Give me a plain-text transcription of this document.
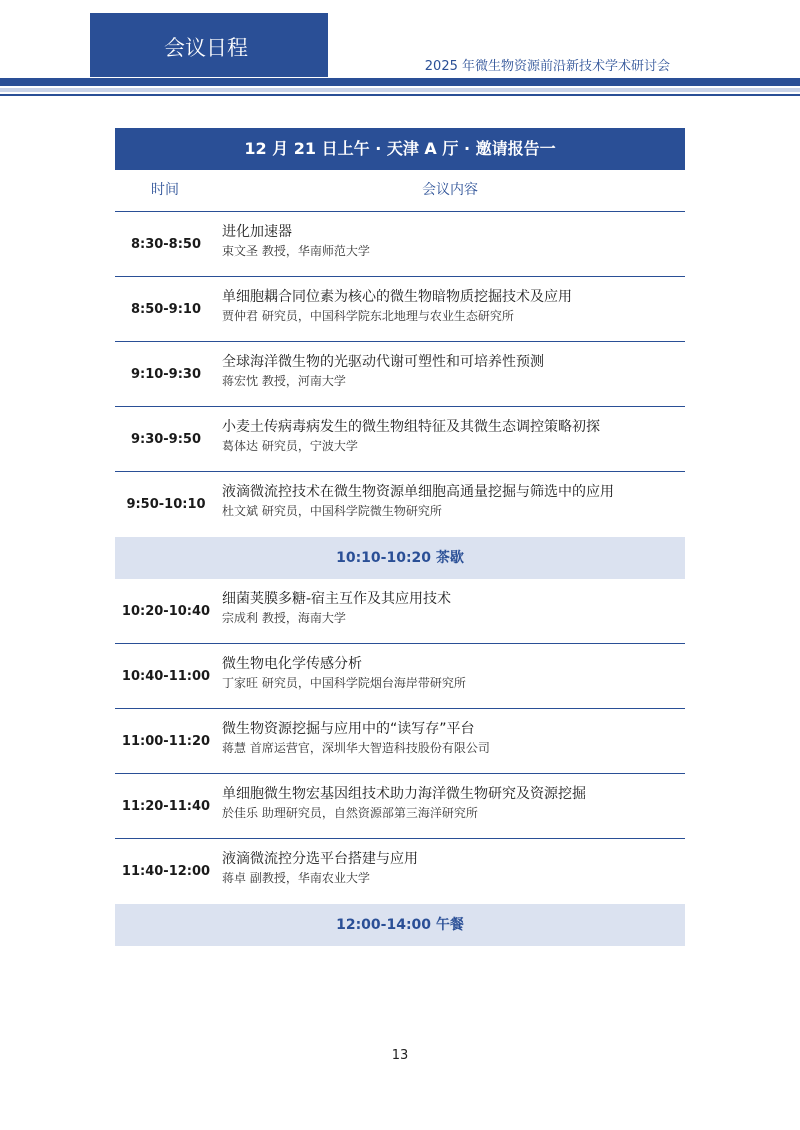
会议日程
2025 年微生物资源前沿新技术学术研讨会
12 月 21 日上午 · 天津 A 厅 · 邀请报告一
时间	会议内容
8:30-8:50
进化加速器
束文圣 教授，华南师范大学
8:50-9:10
单细胞耦合同位素为核心的微生物暗物质挖掘技术及应用
贾仲君 研究员，中国科学院东北地理与农业生态研究所
9:10-9:30
全球海洋微生物的光驱动代谢可塑性和可培养性预测
蒋宏忱 教授，河南大学
9:30-9:50
小麦土传病毒病发生的微生物组特征及其微生态调控策略初探
葛体达 研究员，宁波大学
9:50-10:10
液滴微流控技术在微生物资源单细胞高通量挖掘与筛选中的应用
杜文斌 研究员，中国科学院微生物研究所
10:10-10:20 茶歇
10:20-10:40
细菌荚膜多糖-宿主互作及其应用技术
宗成利 教授，海南大学
10:40-11:00
微生物电化学传感分析
丁家旺 研究员，中国科学院烟台海岸带研究所
11:00-11:20
微生物资源挖掘与应用中的“读写存”平台
蒋慧 首席运营官，深圳华大智造科技股份有限公司
11:20-11:40
单细胞微生物宏基因组技术助力海洋微生物研究及资源挖掘
於佳乐 助理研究员，自然资源部第三海洋研究所
11:40-12:00
液滴微流控分选平台搭建与应用
蒋卓 副教授，华南农业大学
12:00-14:00 午餐
13
